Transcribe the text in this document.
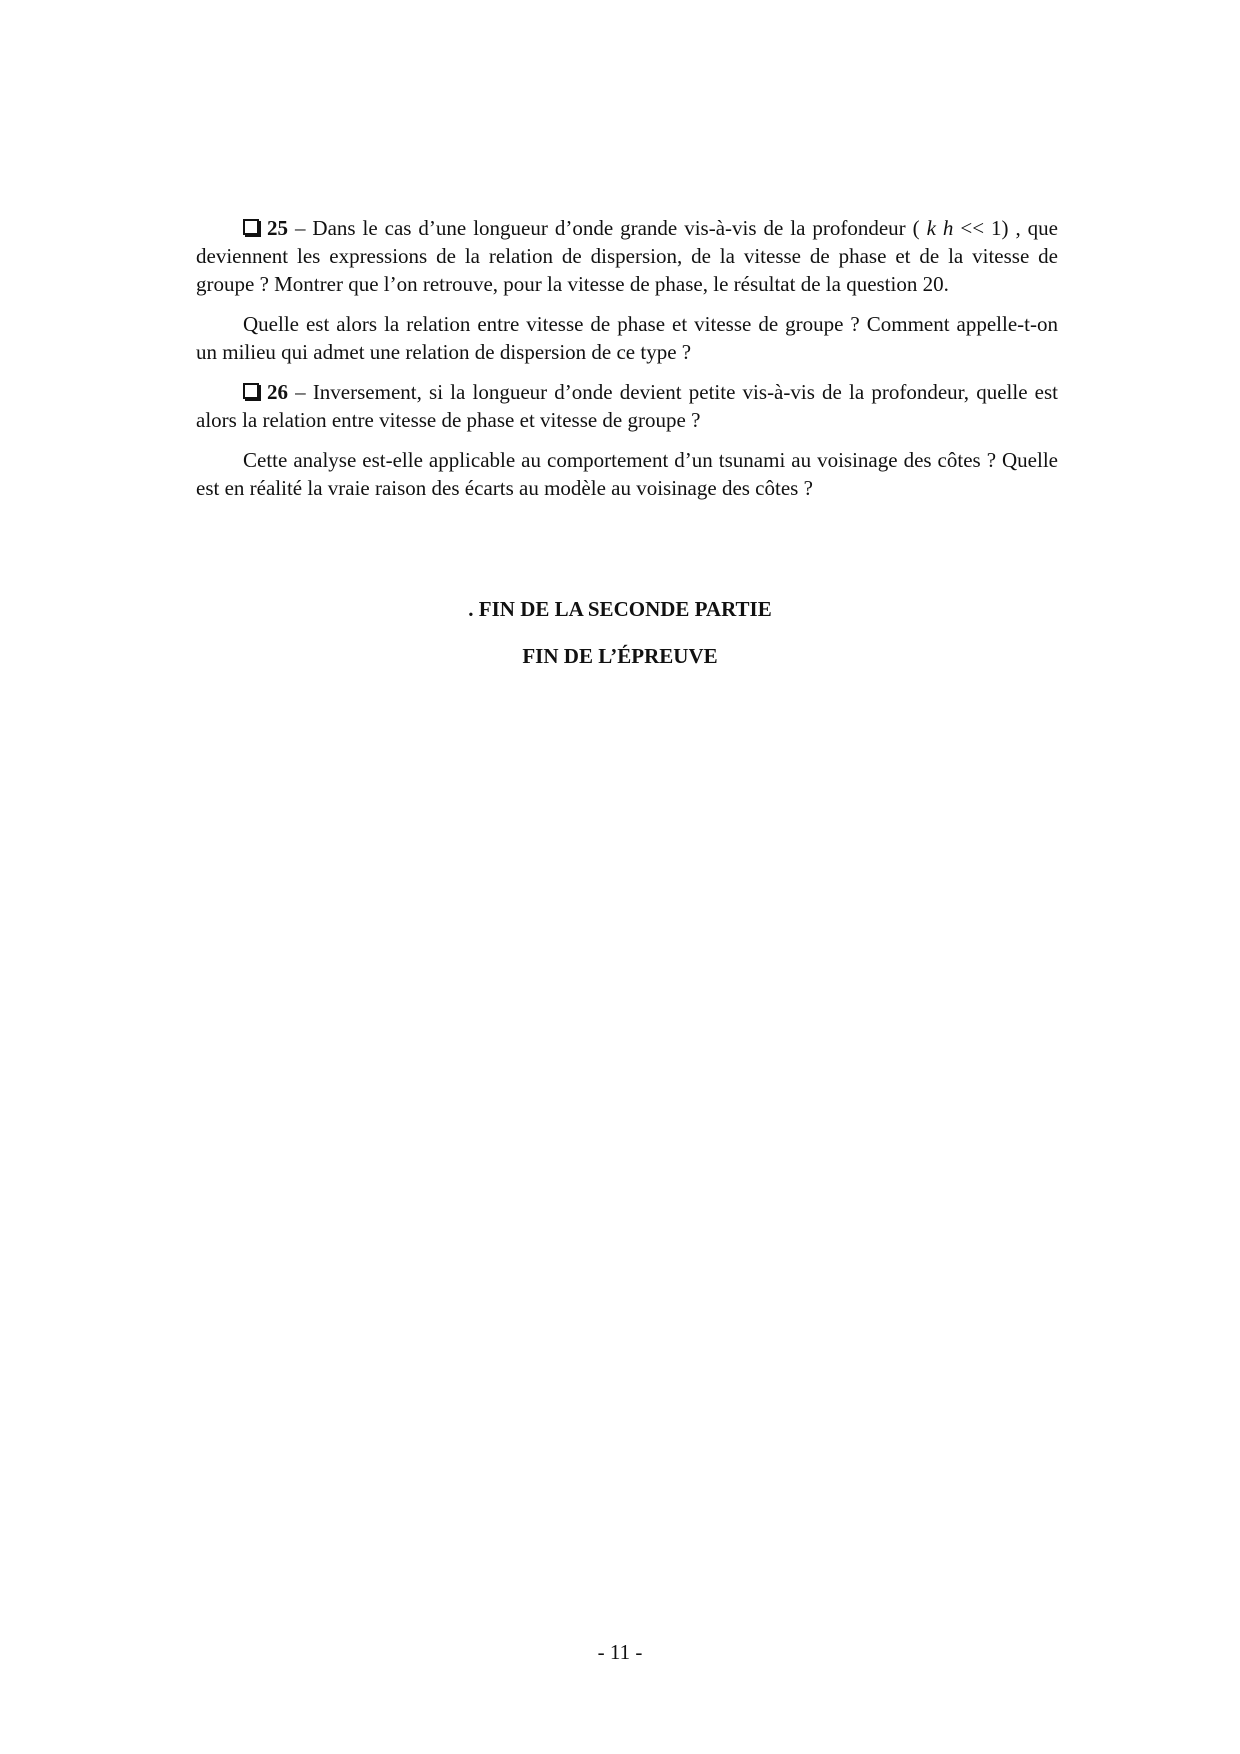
25 – Dans le cas d’une longueur d’onde grande vis-à-vis de la profondeur ( k h << 1) , que deviennent les expressions de la relation de dispersion, de la vitesse de phase et de la vitesse de groupe ? Montrer que l’on retrouve, pour la vitesse de phase, le résultat de la question 20.

Quelle est alors la relation entre vitesse de phase et vitesse de groupe ? Comment appelle-t-on un milieu qui admet une relation de dispersion de ce type ?

26 – Inversement, si la longueur d’onde devient petite vis-à-vis de la profondeur, quelle est alors la relation entre vitesse de phase et vitesse de groupe ?

Cette analyse est-elle applicable au comportement d’un tsunami au voisinage des côtes ? Quelle est en réalité la vraie raison des écarts au modèle au voisinage des côtes ?

. FIN DE LA SECONDE PARTIE
FIN DE L’ÉPREUVE
- 11 -
